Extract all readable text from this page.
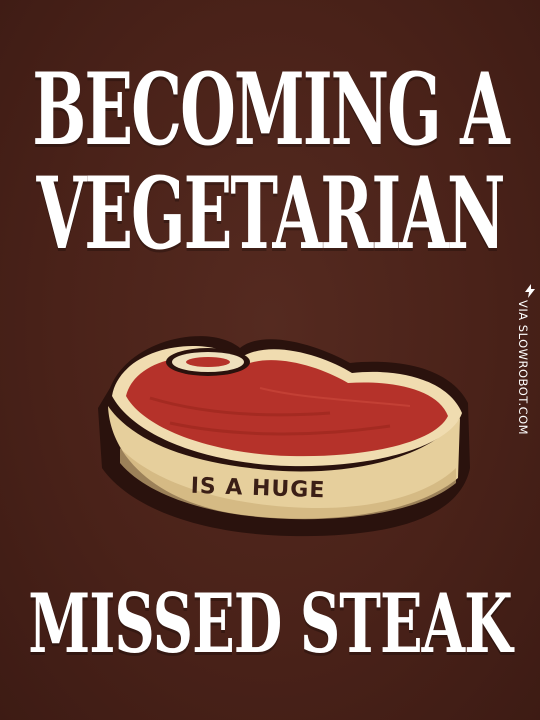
BECOMING A
VEGETARIAN
IS A HUGE
MISSED STEAK
VIA SLOWROBOT.COM
